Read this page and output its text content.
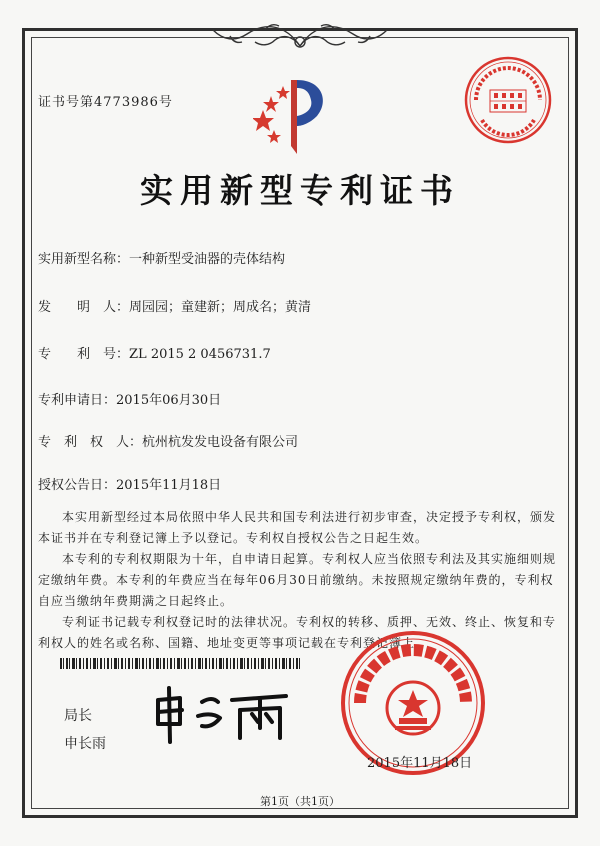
证书号第4773986号
实用新型专利证书
实用新型名称：一种新型受油器的壳体结构
发　　明　人：周园园；童建新；周成名；黄清
专　　利　号：ZL 2015 2 0456731.7
专利申请日：2015年06月30日
专　利　权　人：杭州杭发发电设备有限公司
授权公告日：2015年11月18日
本实用新型经过本局依照中华人民共和国专利法进行初步审查，决定授予专利权，颁发本证书并在专利登记簿上予以登记。专利权自授权公告之日起生效。
本专利的专利权期限为十年，自申请日起算。专利权人应当依照专利法及其实施细则规定缴纳年费。本专利的年费应当在每年06月30日前缴纳。未按照规定缴纳年费的，专利权自应当缴纳年费期满之日起终止。
专利证书记载专利权登记时的法律状况。专利权的转移、质押、无效、终止、恢复和专利权人的姓名或名称、国籍、地址变更等事项记载在专利登记簿上。
局长
申长雨
2015年11月18日
第1页（共1页）
